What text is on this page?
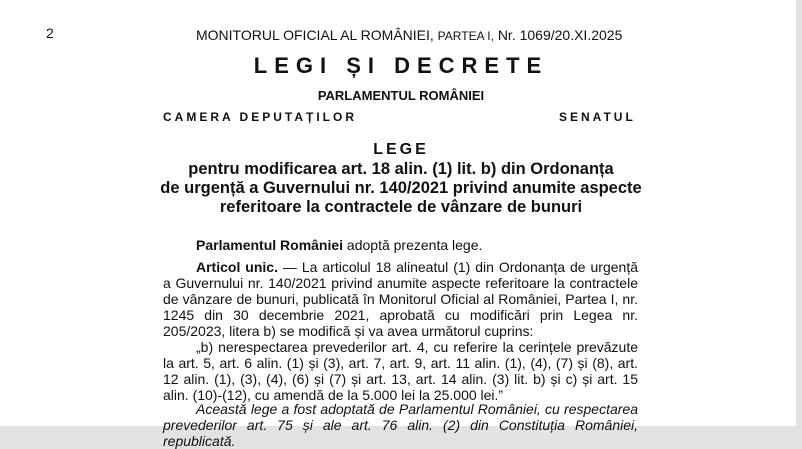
2	MONITORUL OFICIAL AL ROMÂNIEI, PARTEA I, Nr. 1069/20.XI.2025
LEGI ȘI DECRETE
PARLAMENTUL ROMÂNIEI
CAMERA DEPUTAȚILOR	SENATUL
LEGE
pentru modificarea art. 18 alin. (1) lit. b) din Ordonanța
de urgență a Guvernului nr. 140/2021 privind anumite aspecte
referitoare la contractele de vânzare de bunuri
Parlamentul României adoptă prezenta lege.
Articol unic. — La articolul 18 alineatul (1) din Ordonanța de urgență a Guvernului nr. 140/2021 privind anumite aspecte referitoare la contractele de vânzare de bunuri, publicată în Monitorul Oficial al României, Partea I, nr. 1245 din 30 decembrie 2021, aprobată cu modificări prin Legea nr. 205/2023, litera b) se modifică și va avea următorul cuprins:
„b) nerespectarea prevederilor art. 4, cu referire la cerințele prevăzute la art. 5, art. 6 alin. (1) și (3), art. 7, art. 9, art. 11 alin. (1), (4), (7) și (8), art. 12 alin. (1), (3), (4), (6) și (7) și art. 13, art. 14 alin. (3) lit. b) și c) și art. 15 alin. (10)-(12), cu amendă de la 5.000 lei la 25.000 lei.”
Această lege a fost adoptată de Parlamentul României, cu respectarea prevederilor art. 75 și ale art. 76 alin. (2) din Constituția României, republicată.
